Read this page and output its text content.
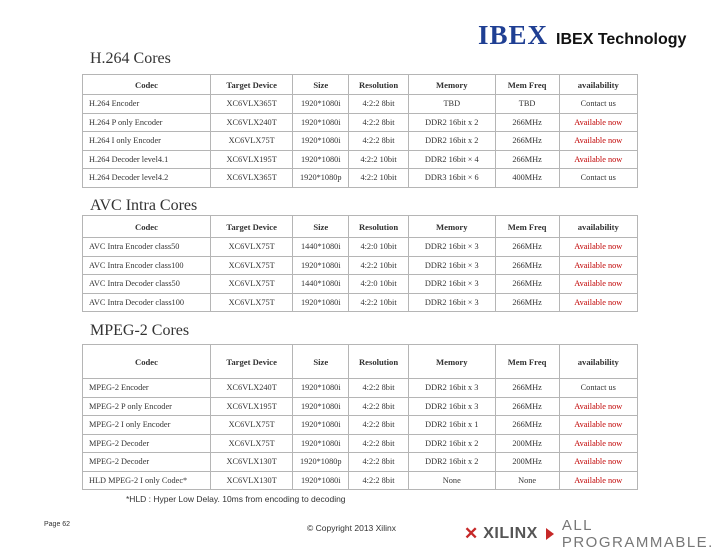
IBEX IBEX Technology
H.264 Cores
Codec	Target Device	Size	Resolution	Memory	Mem Freq	availability
H.264 Encoder	XC6VLX365T	1920*1080i	4:2:2 8bit	TBD	TBD	Contact us
H.264 P only Encoder	XC6VLX240T	1920*1080i	4:2:2 8bit	DDR2 16bit x 2	266MHz	Available now
H.264 I only Encoder	XC6VLX75T	1920*1080i	4:2:2 8bit	DDR2 16bit x 2	266MHz	Available now
H.264 Decoder level4.1	XC6VLX195T	1920*1080i	4:2:2 10bit	DDR2 16bit × 4	266MHz	Available now
H.264 Decoder level4.2	XC6VLX365T	1920*1080p	4:2:2 10bit	DDR3 16bit × 6	400MHz	Contact us
AVC Intra Cores
Codec	Target Device	Size	Resolution	Memory	Mem Freq	availability
AVC Intra Encoder class50	XC6VLX75T	1440*1080i	4:2:0 10bit	DDR2 16bit × 3	266MHz	Available now
AVC Intra Encoder class100	XC6VLX75T	1920*1080i	4:2:2 10bit	DDR2 16bit × 3	266MHz	Available now
AVC Intra Decoder class50	XC6VLX75T	1440*1080i	4:2:0 10bit	DDR2 16bit × 3	266MHz	Available now
AVC Intra Decoder class100	XC6VLX75T	1920*1080i	4:2:2 10bit	DDR2 16bit × 3	266MHz	Available now
MPEG-2 Cores
Codec	Target Device	Size	Resolution	Memory	Mem Freq	availability
MPEG-2 Encoder	XC6VLX240T	1920*1080i	4:2:2 8bit	DDR2 16bit x 3	266MHz	Contact us
MPEG-2 P only Encoder	XC6VLX195T	1920*1080i	4:2:2 8bit	DDR2 16bit x 3	266MHz	Available now
MPEG-2 I only Encoder	XC6VLX75T	1920*1080i	4:2:2 8bit	DDR2 16bit x 1	266MHz	Available now
MPEG-2 Decoder	XC6VLX75T	1920*1080i	4:2:2 8bit	DDR2 16bit x 2	200MHz	Available now
MPEG-2 Decoder	XC6VLX130T	1920*1080p	4:2:2 8bit	DDR2 16bit x 2	200MHz	Available now
HLD MPEG-2 I only Codec*	XC6VLX130T	1920*1080i	4:2:2 8bit	None	None	Available now
*HLD : Hyper Low Delay. 10ms from encoding to decoding
Page 62	© Copyright 2013 Xilinx	✕ XILINX ALL PROGRAMMABLE.
